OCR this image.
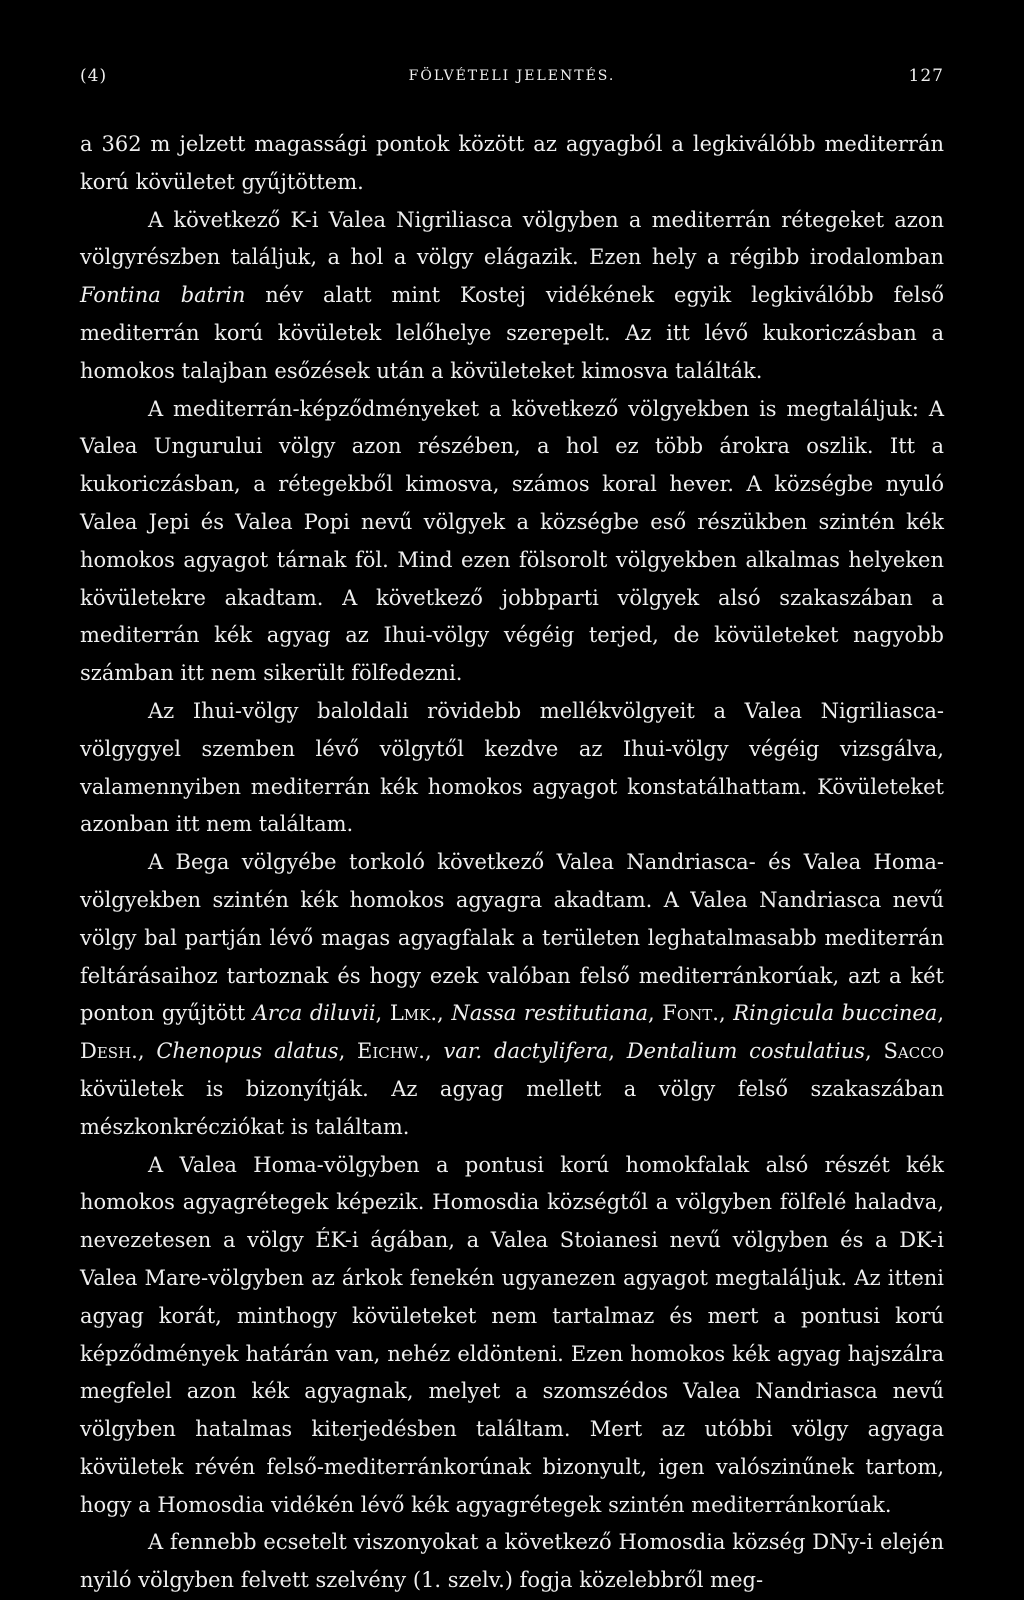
(4)	FÖLVÉTELI JELENTÉS.	127

a 362 m jelzett magassági pontok között az agyagból a legkiválóbb mediterrán korú kövületet gyűjtöttem.

A következő K-i Valea Nigriliasca völgyben a mediterrán rétegeket azon völgyrészben találjuk, a hol a völgy elágazik. Ezen hely a régibb irodalomban Fontina batrin név alatt mint Kostej vidékének egyik legkiválóbb felső mediterrán korú kövületek lelőhelye szerepelt. Az itt lévő kukoriczásban a homokos talajban esőzések után a kövületeket kimosva találták.

A mediterrán-képződményeket a következő völgyekben is megtaláljuk: A Valea Ungurului völgy azon részében, a hol ez több árokra oszlik. Itt a kukoriczásban, a rétegekből kimosva, számos koral hever. A községbe nyuló Valea Jepi és Valea Popi nevű völgyek a községbe eső részükben szintén kék homokos agyagot tárnak föl. Mind ezen fölsorolt völgyekben alkalmas helyeken kövületekre akadtam. A következő jobbparti völgyek alsó szakaszában a mediterrán kék agyag az Ihui-völgy végéig terjed, de kövületeket nagyobb számban itt nem sikerült fölfedezni.

Az Ihui-völgy baloldali rövidebb mellékvölgyeit a Valea Nigriliasca-völgygyel szemben lévő völgytől kezdve az Ihui-völgy végéig vizsgálva, valamennyiben mediterrán kék homokos agyagot konstatálhattam. Kövületeket azonban itt nem találtam.

A Bega völgyébe torkoló következő Valea Nandriasca- és Valea Homa-völgyekben szintén kék homokos agyagra akadtam. A Valea Nandriasca nevű völgy bal partján lévő magas agyagfalak a területen leghatalmasabb mediterrán feltárásaihoz tartoznak és hogy ezek valóban felső mediterránkorúak, azt a két ponton gyűjtött Arca diluvii, Lmk., Nassa restitutiana, Font., Ringicula buccinea, Desh., Chenopus alatus, Eichw., var. dactylifera, Dentalium costulatius, Sacco kövületek is bizonyítják. Az agyag mellett a völgy felső szakaszában mészkonkrécziókat is találtam.

A Valea Homa-völgyben a pontusi korú homokfalak alsó részét kék homokos agyagrétegek képezik. Homosdia községtől a völgyben fölfelé haladva, nevezetesen a völgy ÉK-i ágában, a Valea Stoianesi nevű völgyben és a DK-i Valea Mare-völgyben az árkok fenekén ugyanezen agyagot megtaláljuk. Az itteni agyag korát, minthogy kövületeket nem tartalmaz és mert a pontusi korú képződmények határán van, nehéz eldönteni. Ezen homokos kék agyag hajszálra megfelel azon kék agyagnak, melyet a szomszédos Valea Nandriasca nevű völgyben hatalmas kiterjedésben találtam. Mert az utóbbi völgy agyaga kövületek révén felső-mediterránkorúnak bizonyult, igen valószinűnek tartom, hogy a Homosdia vidékén lévő kék agyagrétegek szintén mediterránkorúak.

A fennebb ecsetelt viszonyokat a következő Homosdia község DNy-i elején nyiló völgyben felvett szelvény (1. szelv.) fogja közelebbről meg-
